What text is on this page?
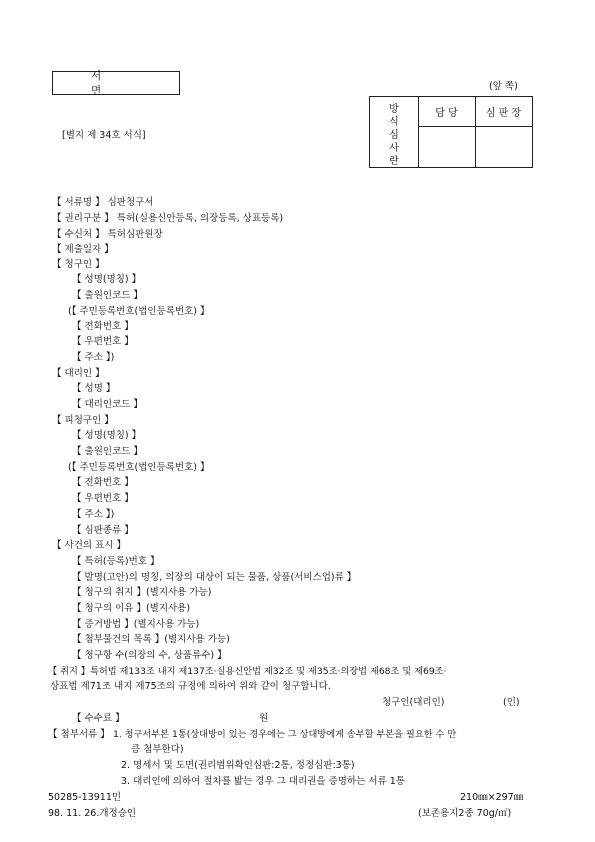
서 면	(앞 쪽)
[별지 제 34호 서식]
방
식
심
사
란
담 당	심 판 장
【 서류명 】 심판청구서
【 권리구분 】 특허(실용신안등록, 의장등록, 상표등록)
【 수신처 】 특허심판원장
【 제출일자 】
【 청구인 】
【 성명(명칭) 】
【 출원인코드 】
(【 주민등록번호(법인등록번호) 】
【 전화번호 】
【 우편번호 】
【 주소 】)
【 대리인 】
【 성명 】
【 대리인코드 】
【 피청구인 】
【 성명(명칭) 】
【 출원인코드 】
(【 주민등록번호(법인등록번호) 】
【 전화번호 】
【 우편번호 】
【 주소 】)
【 심판종류 】
【 사건의 표시 】
【 특허(등록)번호 】
【 발명(고안)의 명칭, 의장의 대상이 되는 물품, 상품(서비스업)류 】
【 청구의 취지 】(별지사용 가능)
【 청구의 이유 】(별지사용)
【 증거방법 】(별지사용 가능)
【 첨부물건의 목록 】(별지사용 가능)
【 청구항 수(의장의 수, 상품류수) 】
【 취지 】특허법 제133조 내지 제137조·실용신안법 제32조 및 제35조·의장법 제68조 및 제69조·
상표법 제71조 내지 제75조의 규정에 의하여 위와 같이 청구합니다.
청구인(대리인)	(인)
【 수수료 】	원
【 첨부서류 】 1. 청구서부본 1통(상대방이 있는 경우에는 그 상대방에게 송부할 부본을 필요한 수 만
큼 첨부한다)
2. 명세서 및 도면(권리범위확인심판:2통, 정정심판:3통)
3. 대리인에 의하여 절차를 밟는 경우 그 대리권을 증명하는 서류 1통
50285-13911민	210㎜×297㎜
98. 11. 26.개정승인	(보존용지2종 70g/㎡)
